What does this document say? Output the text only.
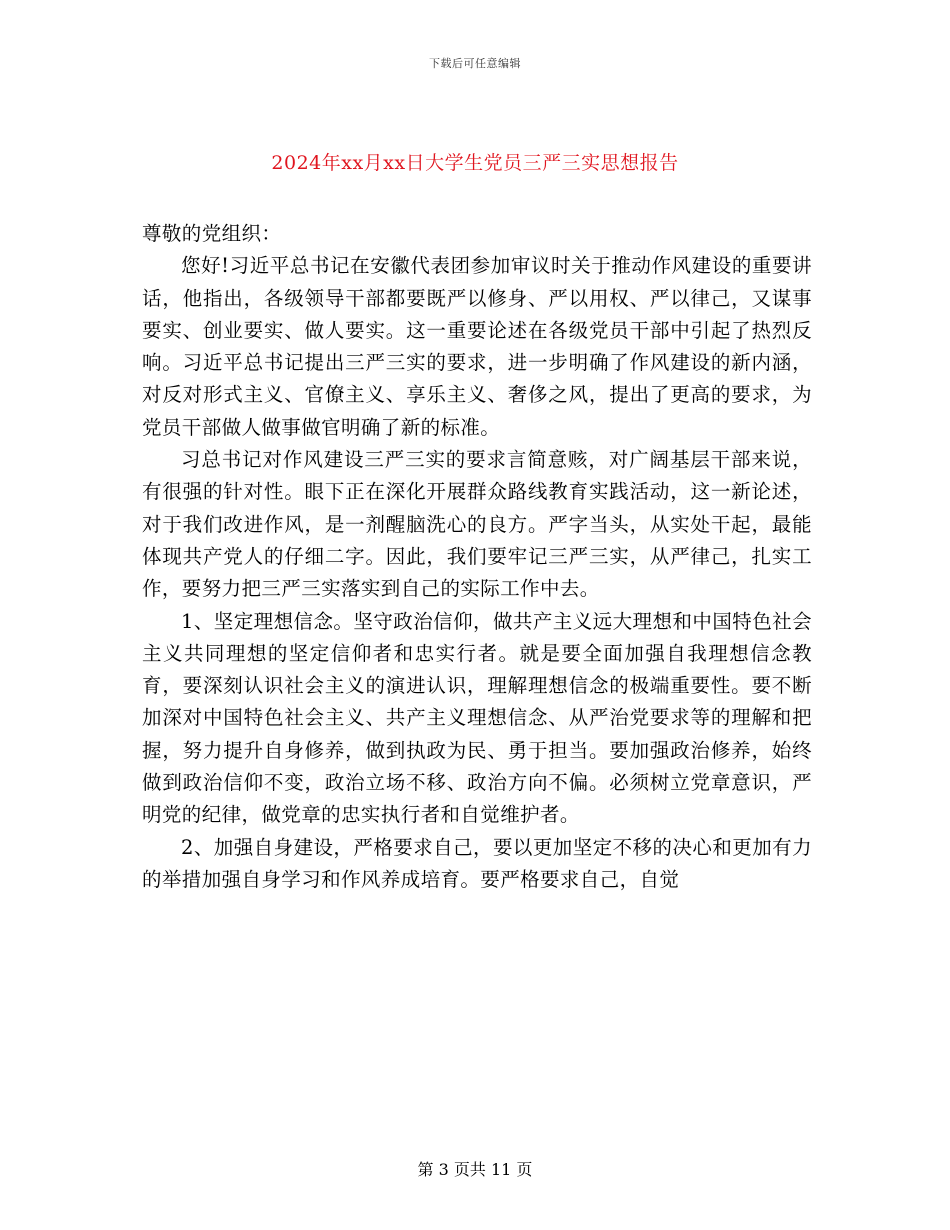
下载后可任意编辑
2024年xx月xx日大学生党员三严三实思想报告

尊敬的党组织：

您好!习近平总书记在安徽代表团参加审议时关于推动作风建设的重要讲话，他指出，各级领导干部都要既严以修身、严以用权、严以律己，又谋事要实、创业要实、做人要实。这一重要论述在各级党员干部中引起了热烈反响。习近平总书记提出三严三实的要求，进一步明确了作风建设的新内涵，对反对形式主义、官僚主义、享乐主义、奢侈之风，提出了更高的要求，为党员干部做人做事做官明确了新的标准。

习总书记对作风建设三严三实的要求言简意赅，对广阔基层干部来说，有很强的针对性。眼下正在深化开展群众路线教育实践活动，这一新论述，对于我们改进作风，是一剂醒脑洗心的良方。严字当头，从实处干起，最能体现共产党人的仔细二字。因此，我们要牢记三严三实，从严律己，扎实工作，要努力把三严三实落实到自己的实际工作中去。

1、坚定理想信念。坚守政治信仰，做共产主义远大理想和中国特色社会主义共同理想的坚定信仰者和忠实行者。就是要全面加强自我理想信念教育，要深刻认识社会主义的演进认识，理解理想信念的极端重要性。要不断加深对中国特色社会主义、共产主义理想信念、从严治党要求等的理解和把握，努力提升自身修养，做到执政为民、勇于担当。要加强政治修养，始终做到政治信仰不变，政治立场不移、政治方向不偏。必须树立党章意识，严明党的纪律，做党章的忠实执行者和自觉维护者。

2、加强自身建设，严格要求自己，要以更加坚定不移的决心和更加有力的举措加强自身学习和作风养成培育。要严格要求自己，自觉

第 3 页共 11 页
